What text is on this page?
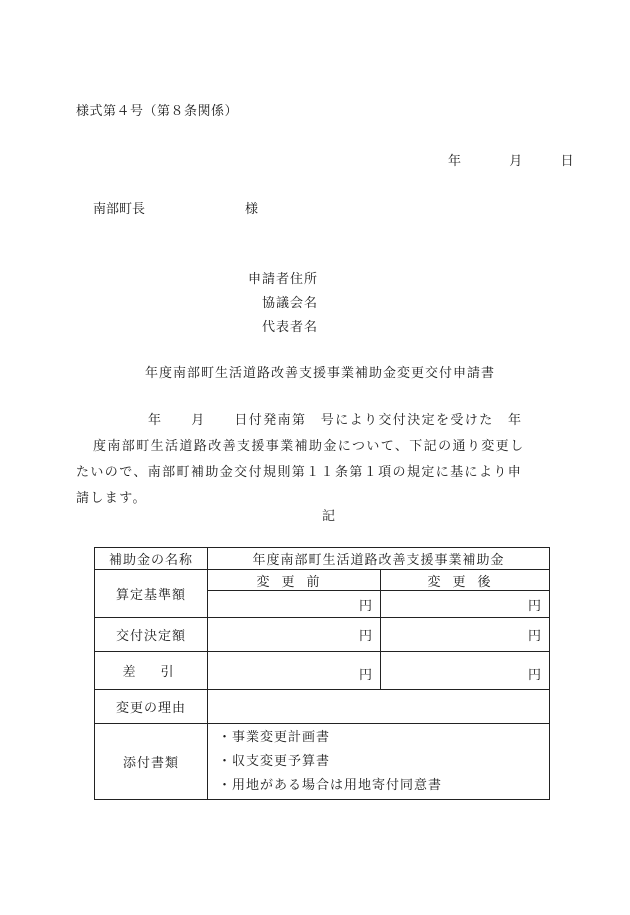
様式第４号（第８条関係）
年	月	日
南部町長	様
申請者住所
協議会名
代表者名
年度南部町生活道路改善支援事業補助金変更交付申請書
年　　月　　日付発南第　号により交付決定を受けた　年
度南部町生活道路改善支援事業補助金について、下記の通り変更し
たいので、南部町補助金交付規則第１１条第１項の規定に基により申
請します。
記
補助金の名称	年度南部町生活道路改善支援事業補助金	
算定基準額	変更前	変更後
	円	円
交付決定額	円	円
差　引	円	円
変更の理由		
添付書類	・事業変更計画書
・収支変更予算書
・用地がある場合は用地寄付同意書	
